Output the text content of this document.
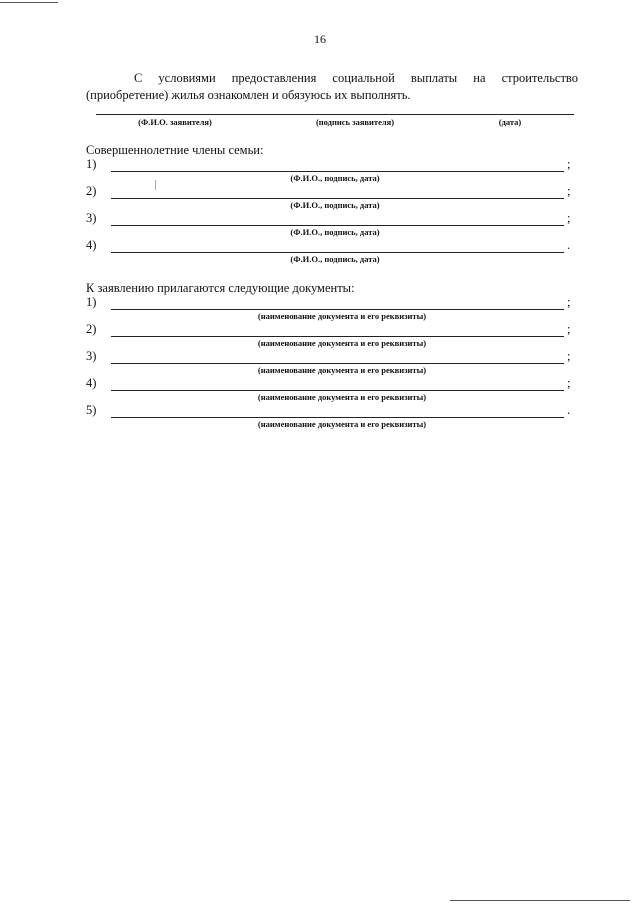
16
С условиями предоставления социальной выплаты на строительство (приобретение) жилья ознакомлен и обязуюсь их выполнять.
(Ф.И.О. заявителя)	(подпись заявителя)	(дата)
Совершеннолетние члены семьи:
1)	;
(Ф.И.О., подпись, дата)
2)	;
(Ф.И.О., подпись, дата)
3)	;
(Ф.И.О., подпись, дата)
4)	.
(Ф.И.О., подпись, дата)
К заявлению прилагаются следующие документы:
1)	;
(наименование документа и его реквизиты)
2)	;
(наименование документа и его реквизиты)
3)	;
(наименование документа и его реквизиты)
4)	;
(наименование документа и его реквизиты)
5)	.
(наименование документа и его реквизиты)
